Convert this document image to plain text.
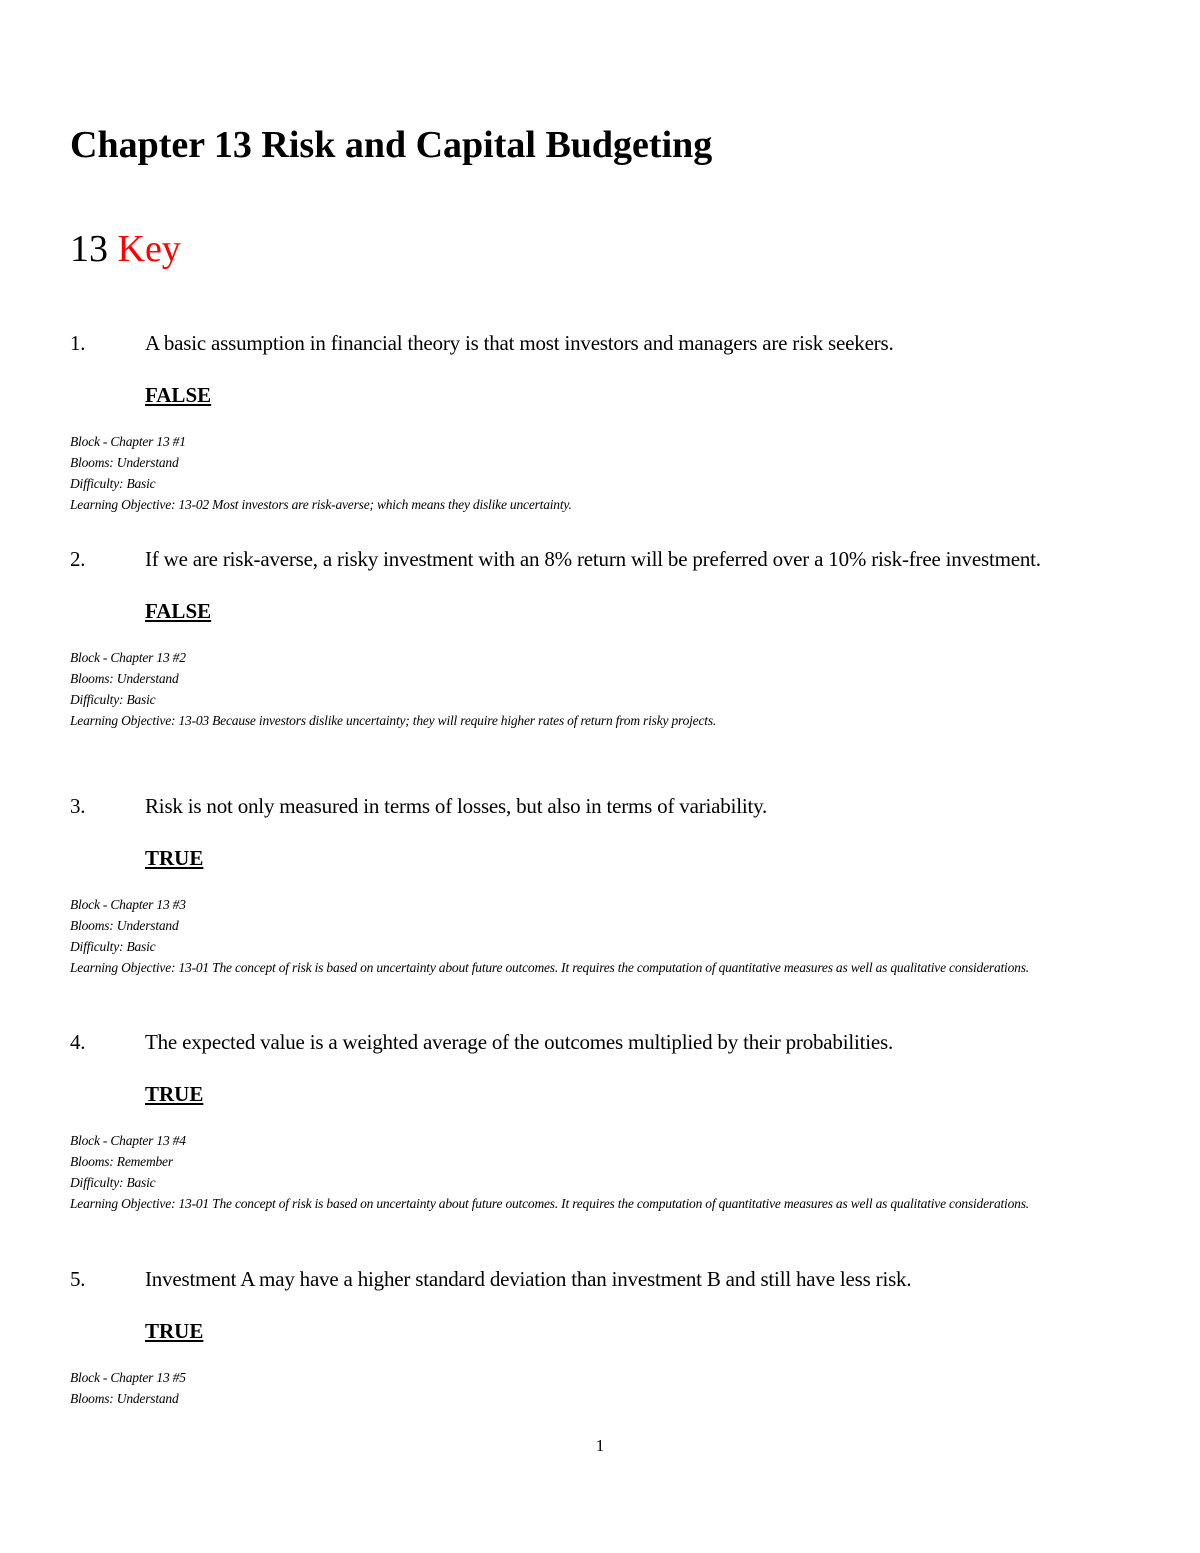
Chapter 13 Risk and Capital Budgeting
13 Key
1.	A basic assumption in financial theory is that most investors and managers are risk seekers.
FALSE
Block - Chapter 13 #1
Blooms: Understand
Difficulty: Basic
Learning Objective: 13-02 Most investors are risk-averse; which means they dislike uncertainty.
2.	If we are risk-averse, a risky investment with an 8% return will be preferred over a 10% risk-free investment.
FALSE
Block - Chapter 13 #2
Blooms: Understand
Difficulty: Basic
Learning Objective: 13-03 Because investors dislike uncertainty; they will require higher rates of return from risky projects.
3.	Risk is not only measured in terms of losses, but also in terms of variability.
TRUE
Block - Chapter 13 #3
Blooms: Understand
Difficulty: Basic
Learning Objective: 13-01 The concept of risk is based on uncertainty about future outcomes. It requires the computation of quantitative measures as well as qualitative considerations.
4.	The expected value is a weighted average of the outcomes multiplied by their probabilities.
TRUE
Block - Chapter 13 #4
Blooms: Remember
Difficulty: Basic
Learning Objective: 13-01 The concept of risk is based on uncertainty about future outcomes. It requires the computation of quantitative measures as well as qualitative considerations.
5.	Investment A may have a higher standard deviation than investment B and still have less risk.
TRUE
Block - Chapter 13 #5
Blooms: Understand
1
